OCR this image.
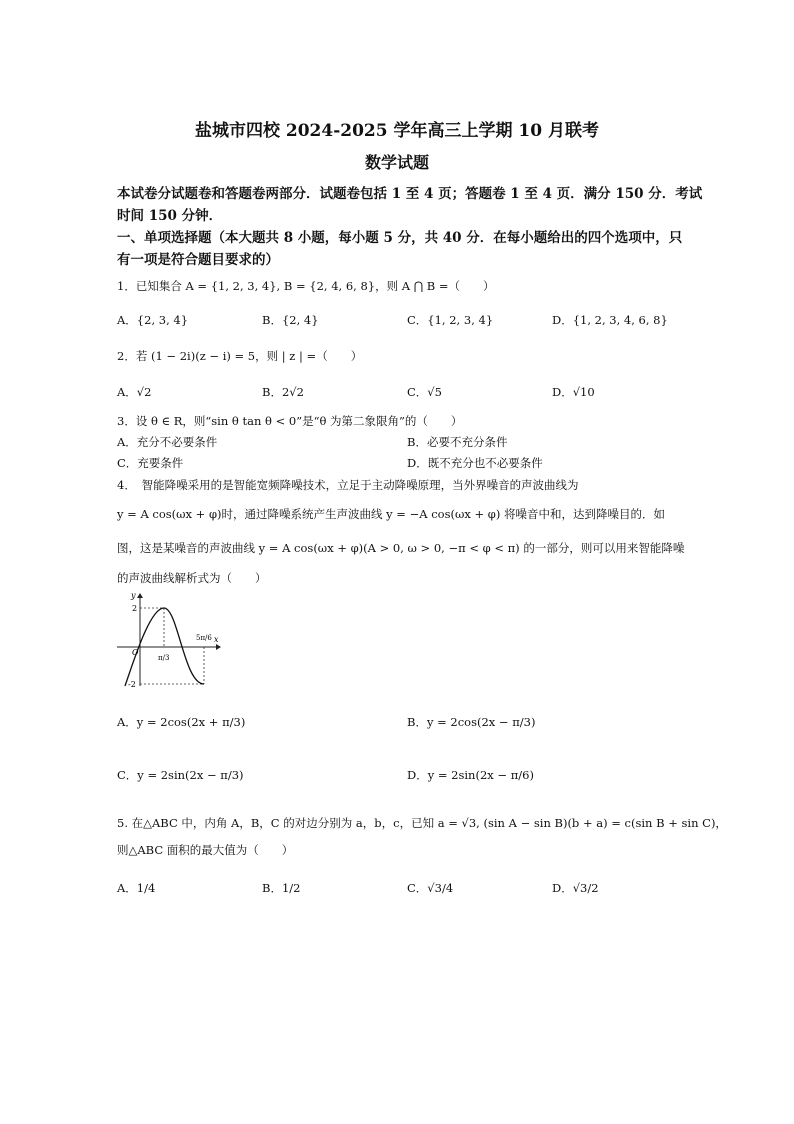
盐城市四校 2024-2025 学年高三上学期 10 月联考
数学试题
本试卷分试题卷和答题卷两部分．试题卷包括 1 至 4 页；答题卷 1 至 4 页．满分 150 分．考试
时间 150 分钟．
一、单项选择题（本大题共 8 小题，每小题 5 分，共 40 分．在每小题给出的四个选项中，只
有一项是符合题目要求的）
1．已知集合 A = {1, 2, 3, 4}, B = {2, 4, 6, 8}，则 A ⋂ B =（　　）
A．{2, 3, 4}	B．{2, 4}	C．{1, 2, 3, 4}	D．{1, 2, 3, 4, 6, 8}
2．若 (1 − 2i)(z − i) = 5，则 | z | =（　　）
A．√2	B．2√2	C．√5	D．√10
3．设 θ ∈ R，则“sin θ tan θ < 0”是“θ 为第二象限角”的（　　）
A．充分不必要条件	B．必要不充分条件
C．充要条件	D．既不充分也不必要条件
4．　智能降噪采用的是智能宽频降噪技术，立足于主动降噪原理，当外界噪音的声波曲线为
y = A cos(ωx + φ)时，通过降噪系统产生声波曲线 y = −A cos(ωx + φ) 将噪音中和，达到降噪目的．如
图，这是某噪音的声波曲线 y = A cos(ωx + φ)(A > 0, ω > 0, −π < φ < π) 的一部分，则可以用来智能降噪
的声波曲线解析式为（　　）
y
x
O
2
-2
π/3
5π/6
A．y = 2cos(2x + π/3)	B．y = 2cos(2x − π/3)
C．y = 2sin(2x − π/3)	D．y = 2sin(2x − π/6)
5. 在△ABC 中，内角 A，B，C 的对边分别为 a，b，c，已知 a = √3, (sin A − sin B)(b + a) = c(sin B + sin C)，
则△ABC 面积的最大值为（　　）
A．1/4	B．1/2	C．√3/4	D．√3/2
